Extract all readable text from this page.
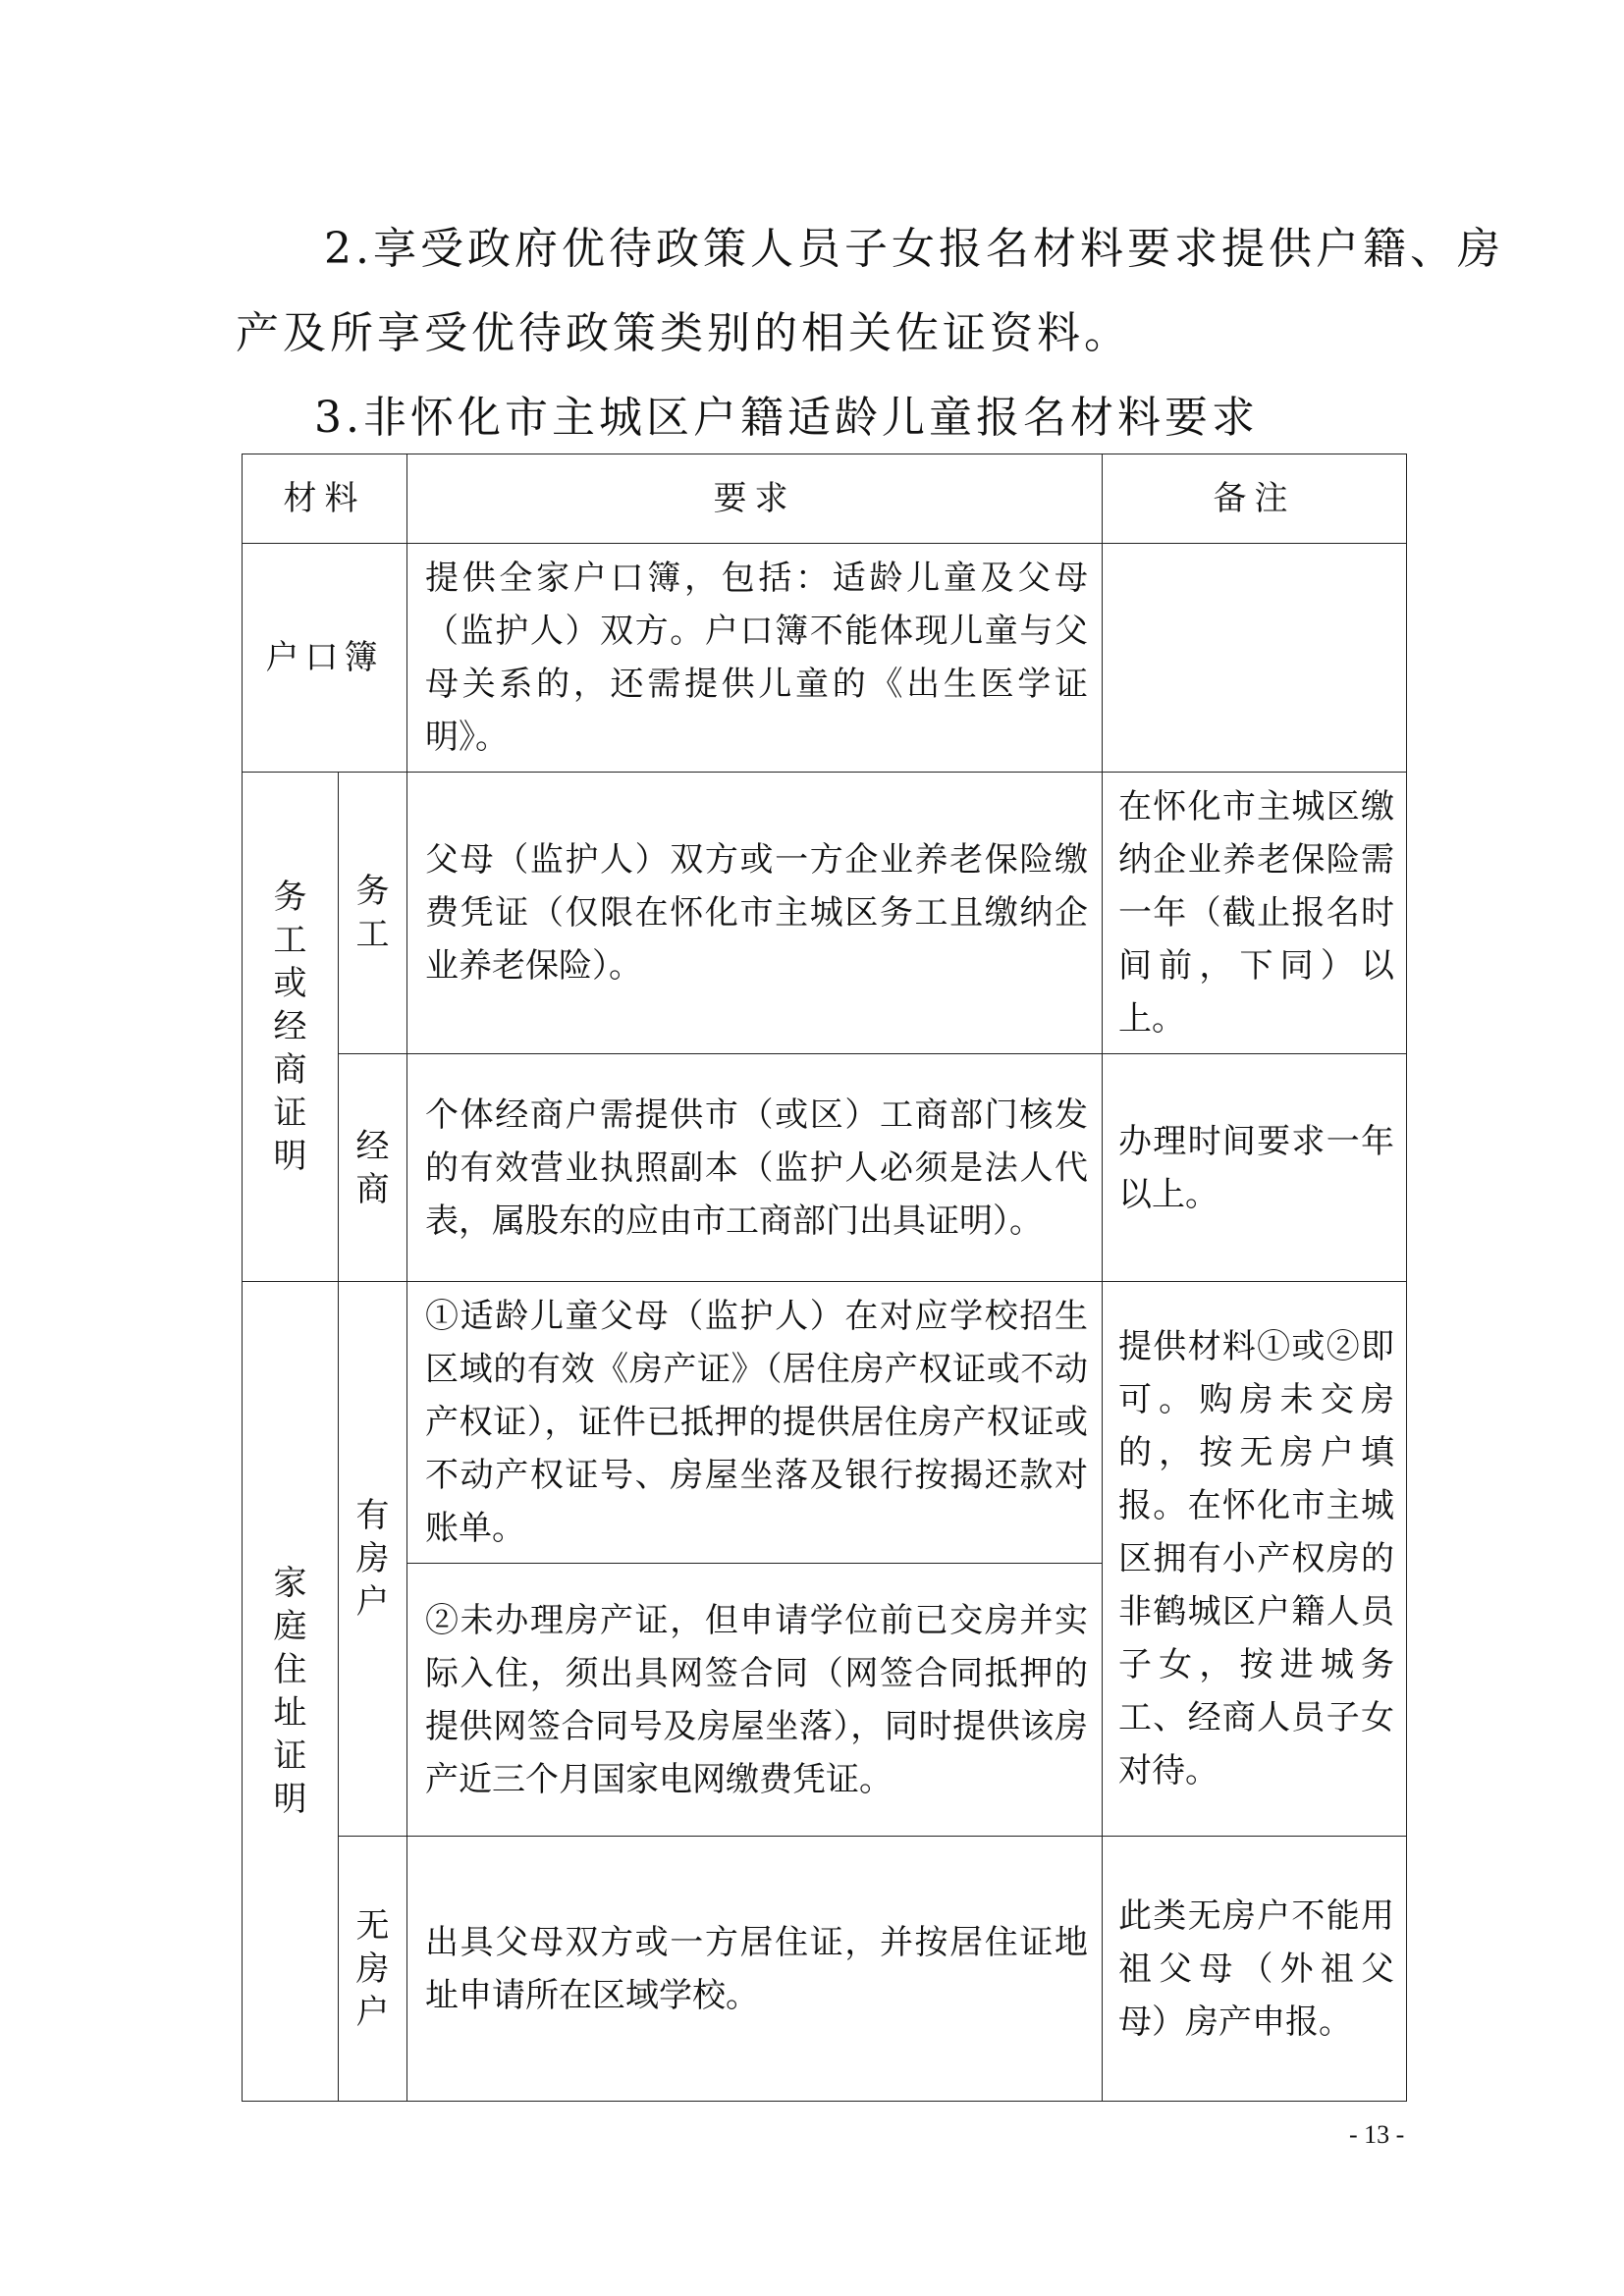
2.享受政府优待政策人员子女报名材料要求提供户籍、房
产及所享受优待政策类别的相关佐证资料。
3.非怀化市主城区户籍适龄儿童报名材料要求
材料		要求	备注
户口簿		提供全家户口簿，包括：适龄儿童及父母（监护人）双方。户口簿不能体现儿童与父母关系的，还需提供儿童的《出生医学证明》。	

务工或经商证明	务工	父母（监护人）双方或一方企业养老保险缴费凭证（仅限在怀化市主城区务工且缴纳企业养老保险）。	在怀化市主城区缴纳企业养老保险需一年（截止报名时间前，下同）以上。

	经商	个体经商户需提供市（或区）工商部门核发的有效营业执照副本（监护人必须是法人代表，属股东的应由市工商部门出具证明）。	办理时间要求一年以上。

家庭住址证明	有房户	①适龄儿童父母（监护人）在对应学校招生区域的有效《房产证》（居住房产权证或不动产权证），证件已抵押的提供居住房产权证或不动产权证号、房屋坐落及银行按揭还款对账单。	提供材料①或②即可。购房未交房的，按无房户填报。在怀化市主城区拥有小产权房的非鹤城区户籍人员子女，按进城务工、经商人员子女对待。
		②未办理房产证，但申请学位前已交房并实际入住，须出具网签合同（网签合同抵押的提供网签合同号及房屋坐落），同时提供该房产近三个月国家电网缴费凭证。	

	无房户	出具父母双方或一方居住证，并按居住证地址申请所在区域学校。	此类无房户不能用祖父母（外祖父母）房产申报。
- 13 -
